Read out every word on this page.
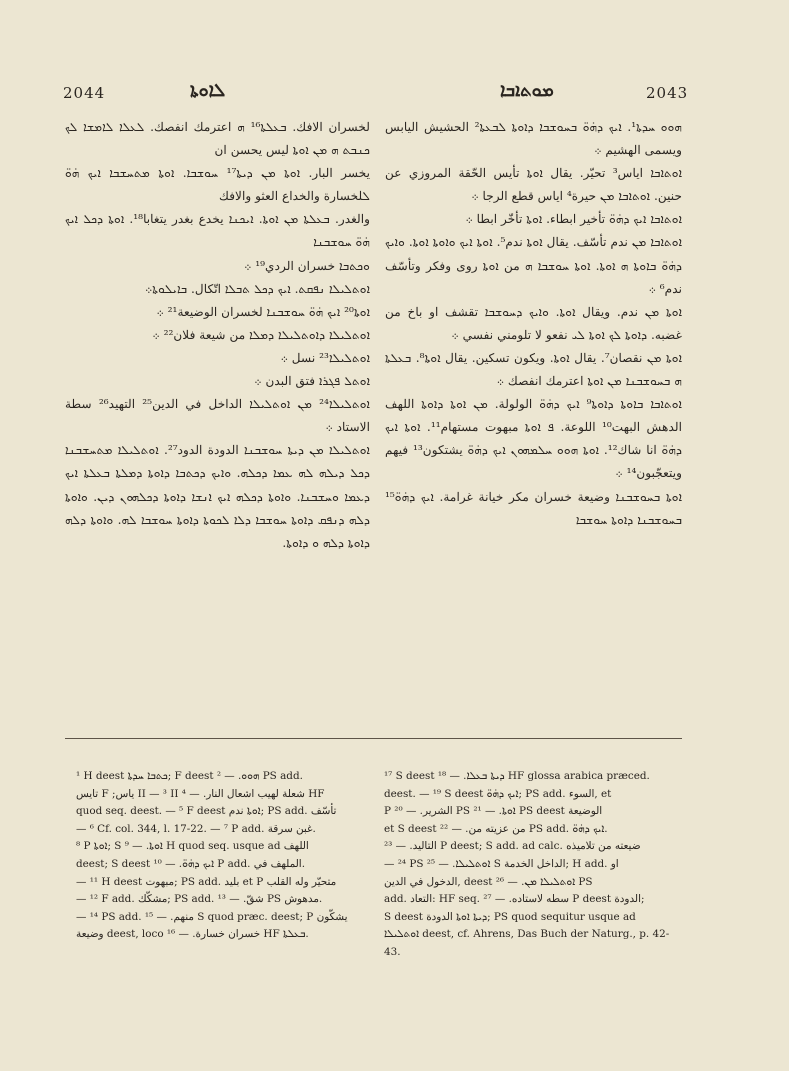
2044	ܠܐܘܬܐ	ܡܘܬܐܒܐ	2043

لخسران الافك. ܒܥܠܬܐ¹⁶ ܗ اعترمك انفصك. ܠܥܠܐ ܠܐܡܫܐ ܠܟ ܟܢܒܬ ܗ ܡܢ ܐܘܬܐ ليس يحسن ان

يخسر البار. ܐܘܬܐ ܡܢ ܕܝܬܐ¹⁷ ܚܘܫܒܐ. ܐܘܬܐ ܡܬܚܫܒܐ ܐܝܟ ܗ̇ܘ̈ ܠلخسارة والخداع العثو والافك

والغدر. ܒܥܠܬܐ ܡܢ ܐܘܬܐ. ܐܝܟܢܐ يخدع بغدر يتغابا¹⁸. ܐܘܬܐ ܕܟܠ ܐܝܟ ܗ̇ܘ̈ ܚܘܫܒܢܐ

ܘܟܬܒܐ خسران الردي¹⁹ ܀

ܐܘܬܠܝܠܐ ܢܦܩܬ. ܐܝܟ ܕܟܠ ܬܒܠܐ اتّكال. ܒܐܝܠܘܬܐ܀

ܐܘܬܐ²⁰ ܐܝܟ ܗ̇ܘ̈ ܚܘܫܒܢܐ لخسران الوضيعة²¹ ܀

ܐܘܬܠܝܠܐ ܕܐܘܬܠܝܠܐ ܕܡܠܐ من شيعة فلان²² ܀

ܐܘܬܠܝܠܐ²³ نسل ܀

ܐܘܬܠ ܦܓܪܐ فتق البدن ܀

ܐܘܬܠܝܠܐ²⁴ ܡܢ ܐܘܬܠܝܠܐ الداخل في الدين²⁵ التهيد²⁶ سطة الاستاد ܀

ܐܘܬܠܝܠܐ ܡܢ ܕܝܬܐ ܚܘܫܒܢܐ الدودة الدود²⁷. ܐܘܬܠܝܠܐ ܡܬܚܫܒܢܐ ܕܟܠ ܕܝܠܗ ܠܗ ܥܡܐ ܕܟܠܗ. ܘܐܝܟ ܕܟܬܒܐ ܕܐܘܬܐ ܕܡܠܬܐ ܒܥܠܬܐ ܐܝܟ ܕܥܡܐ ܘܚܫܒܢܐ. ܘܐܘܬܐ ܕܟܠܗ ܐܝܟ ܐܢܫܐ ܕܐܘܬܐ ܕܟܠܗܘܢ ܕܝܢ. ܘܐܘܬܐ ܕܠܗ ܕܢܦܩ ܕܐܘܬܐ ܚܘܫܒܐ ܕܠܐ ܠܟܘܬܐ ܕܐܘܬܐ ܚܘܫܒܐ ܠܗ. ܘܐܘܬܐ ܕܠܗ ܕܐܘܬܐ ܕܠܗ ܘ ܕܐܘܬܐ.

ܗܘܘ ܚܕܬܐ¹. ܐܝܟ ܕܗ̇ܘ̈ ܒܚܘܫܒܐ ܕܐܘܬܐ ܠܒܥܬܐ² الحشيش اليابس ويسمى الهشيم ܀

ܐܘܬܐܒܐ اياس³ تحيّر. يقال ܐܘܬܐ تأيس الحّقة المروزي عن حنين. ܐܘܬܐܒܐ ܡܢ حيرة⁴ اياس قطع الرجا ܀

ܐܘܬܐܒܐ ܐܝܟ ܕܗ̇ܘ̈ تأخير ابطاء. ܐܘܬܐ تأخّر ابطا ܀

ܐܘܬܐܒܐ ܡܢ ندم تأسّف. يقال ܐܘܬܐ ندم⁵. ܐܘܬܐ ܐܝܟ ܘܐܘܬܐ ܐܘܬܐ. ܘܐܝܟ ܕܗ̇ܘ̈ ܒܐܘܬܐ ܗ ܐܘܬܐ. ܐܘܬܐ ܚܘܫܒܐ ܗ من ܐܘܬܐ روى وفكر وتأسّف ندم⁶ ܀

ܐܘܬܐ ܡܢ ندم. ويقال ܐܘܬܐ. ܘܐܝܟ ܕܚܘܫܒܐ تقشف او باخ من غضبه. ܕܐܘܬܐ ܠܟ ܐܘܬܐ ܠܝ نفعو لا تلومني نفسي ܀

ܐܘܬܐ ܡܢ نقصان⁷. يقال ܐܘܬܐ. ويكون تسكين. يقال ܐܘܬܐ⁸. ܒܥܠܬܐ ܗ ܒܚܘܫܒܢܐ ܡܢ ܐܘܬܐ اعترمك انفصك ܀

ܐܘܬܐܒܐ ܒܐܘܬܐ ܕܐܘܬܐ⁹ ܐܝܟ ܕܗ̇ܘ̈ الولولة. ܡܢ ܐܘܬܐ ܕܐܘܬܐ اللهف الدهش البهت¹⁰ اللوعة. ܦ ܐܘܬܐ مبهوت مستهام¹¹. ܐܘܬܐ ܐܝܟ ܕܗ̇ܘ̈ انا شاك¹². ܐܘܬܐ ܗܘܘ ܚܠܡܗܘܢ ܐܝܟ ܕܗ̇ܘ̈ يشتكون¹³ فيهم ويتعجّبون¹⁴ ܀

ܐܘܬܐ ܒܚܘܫܒܢܐ وضيعة خسران مكر خيانة غرامة. ܐܝܟ ܕܗ̇ܘ̈¹⁵ ܒܚܘܫܒܢܐ ܕܐܘܬܐ ܚܘܫܒܐ

¹ H deest ܟܬܒܐ ܚܕܬܐ; F deest ܗܘܘ. — ² PS add.

تايس F ;ياس II — ³ II شعلة لهيب اشعال النار. — ⁴ HF

quod seq. deest. — ⁵ F deest ܐܘܬܐ ندم; PS add. تأسّف

— ⁶ Cf. col. 344, l. 17-22. — ⁷ P add. غبن سرقة.

⁸ P ܐܘܬܐ; S ܐܘܬܐ. — ⁹ H quod seq. usque ad اللهف

deest; S deest ܐܝܟ ܕܗ̇ܘ̈. — ¹⁰ P add. الملهف في.

— ¹¹ H deest مبهوت; PS add. بليد et P متحيّر وله القلب

— ¹² F add. مشكّك; PS add. شقّ. — ¹³ PS مدهوش.

— ¹⁴ PS add. منهم. — ¹⁵ S quod præc. deest; P يشكّون

وضيعة deest, loco خسران خسارة. — ¹⁶ HF ܒܥܠܬܐ.

¹⁷ S deest ܕܝܬܐ ܒܥܠܐ. — ¹⁸ HF glossa arabica præced.

deest. — ¹⁹ S deest ܐܝܟ ܕܗ̇ܘ̈; PS add. السوء, et

P الشرير. — ²⁰ PS ܐܘܬܐ. — ²¹ PS deest الوضيعة

et S deest من عزيته من. — ²² PS add. ܐܝܟ ܕܗ̇ܘ̈.

التاليد. — ²³ P deest; S add. ad calc. ضيعته من تلاميذه

— ²⁴ PS ܐܘܬܠܝܠܐ. — ²⁵ S الداخل الخدمة; H add. او

الدخول في الدين, deest ܐܘܬܠܝܠܐ ܡܢ. — ²⁶ PS

add. التعاد: HF seq. سطه لاستاده. — ²⁷ P deest الدودة;

S deest ܕܝܬܐ ܐܘܬܐ الدودة; PS quod sequitur usque ad

ܐܘܬܠܝܠܐ deest, cf. Ahrens, Das Buch der Naturg., p. 42-43.
